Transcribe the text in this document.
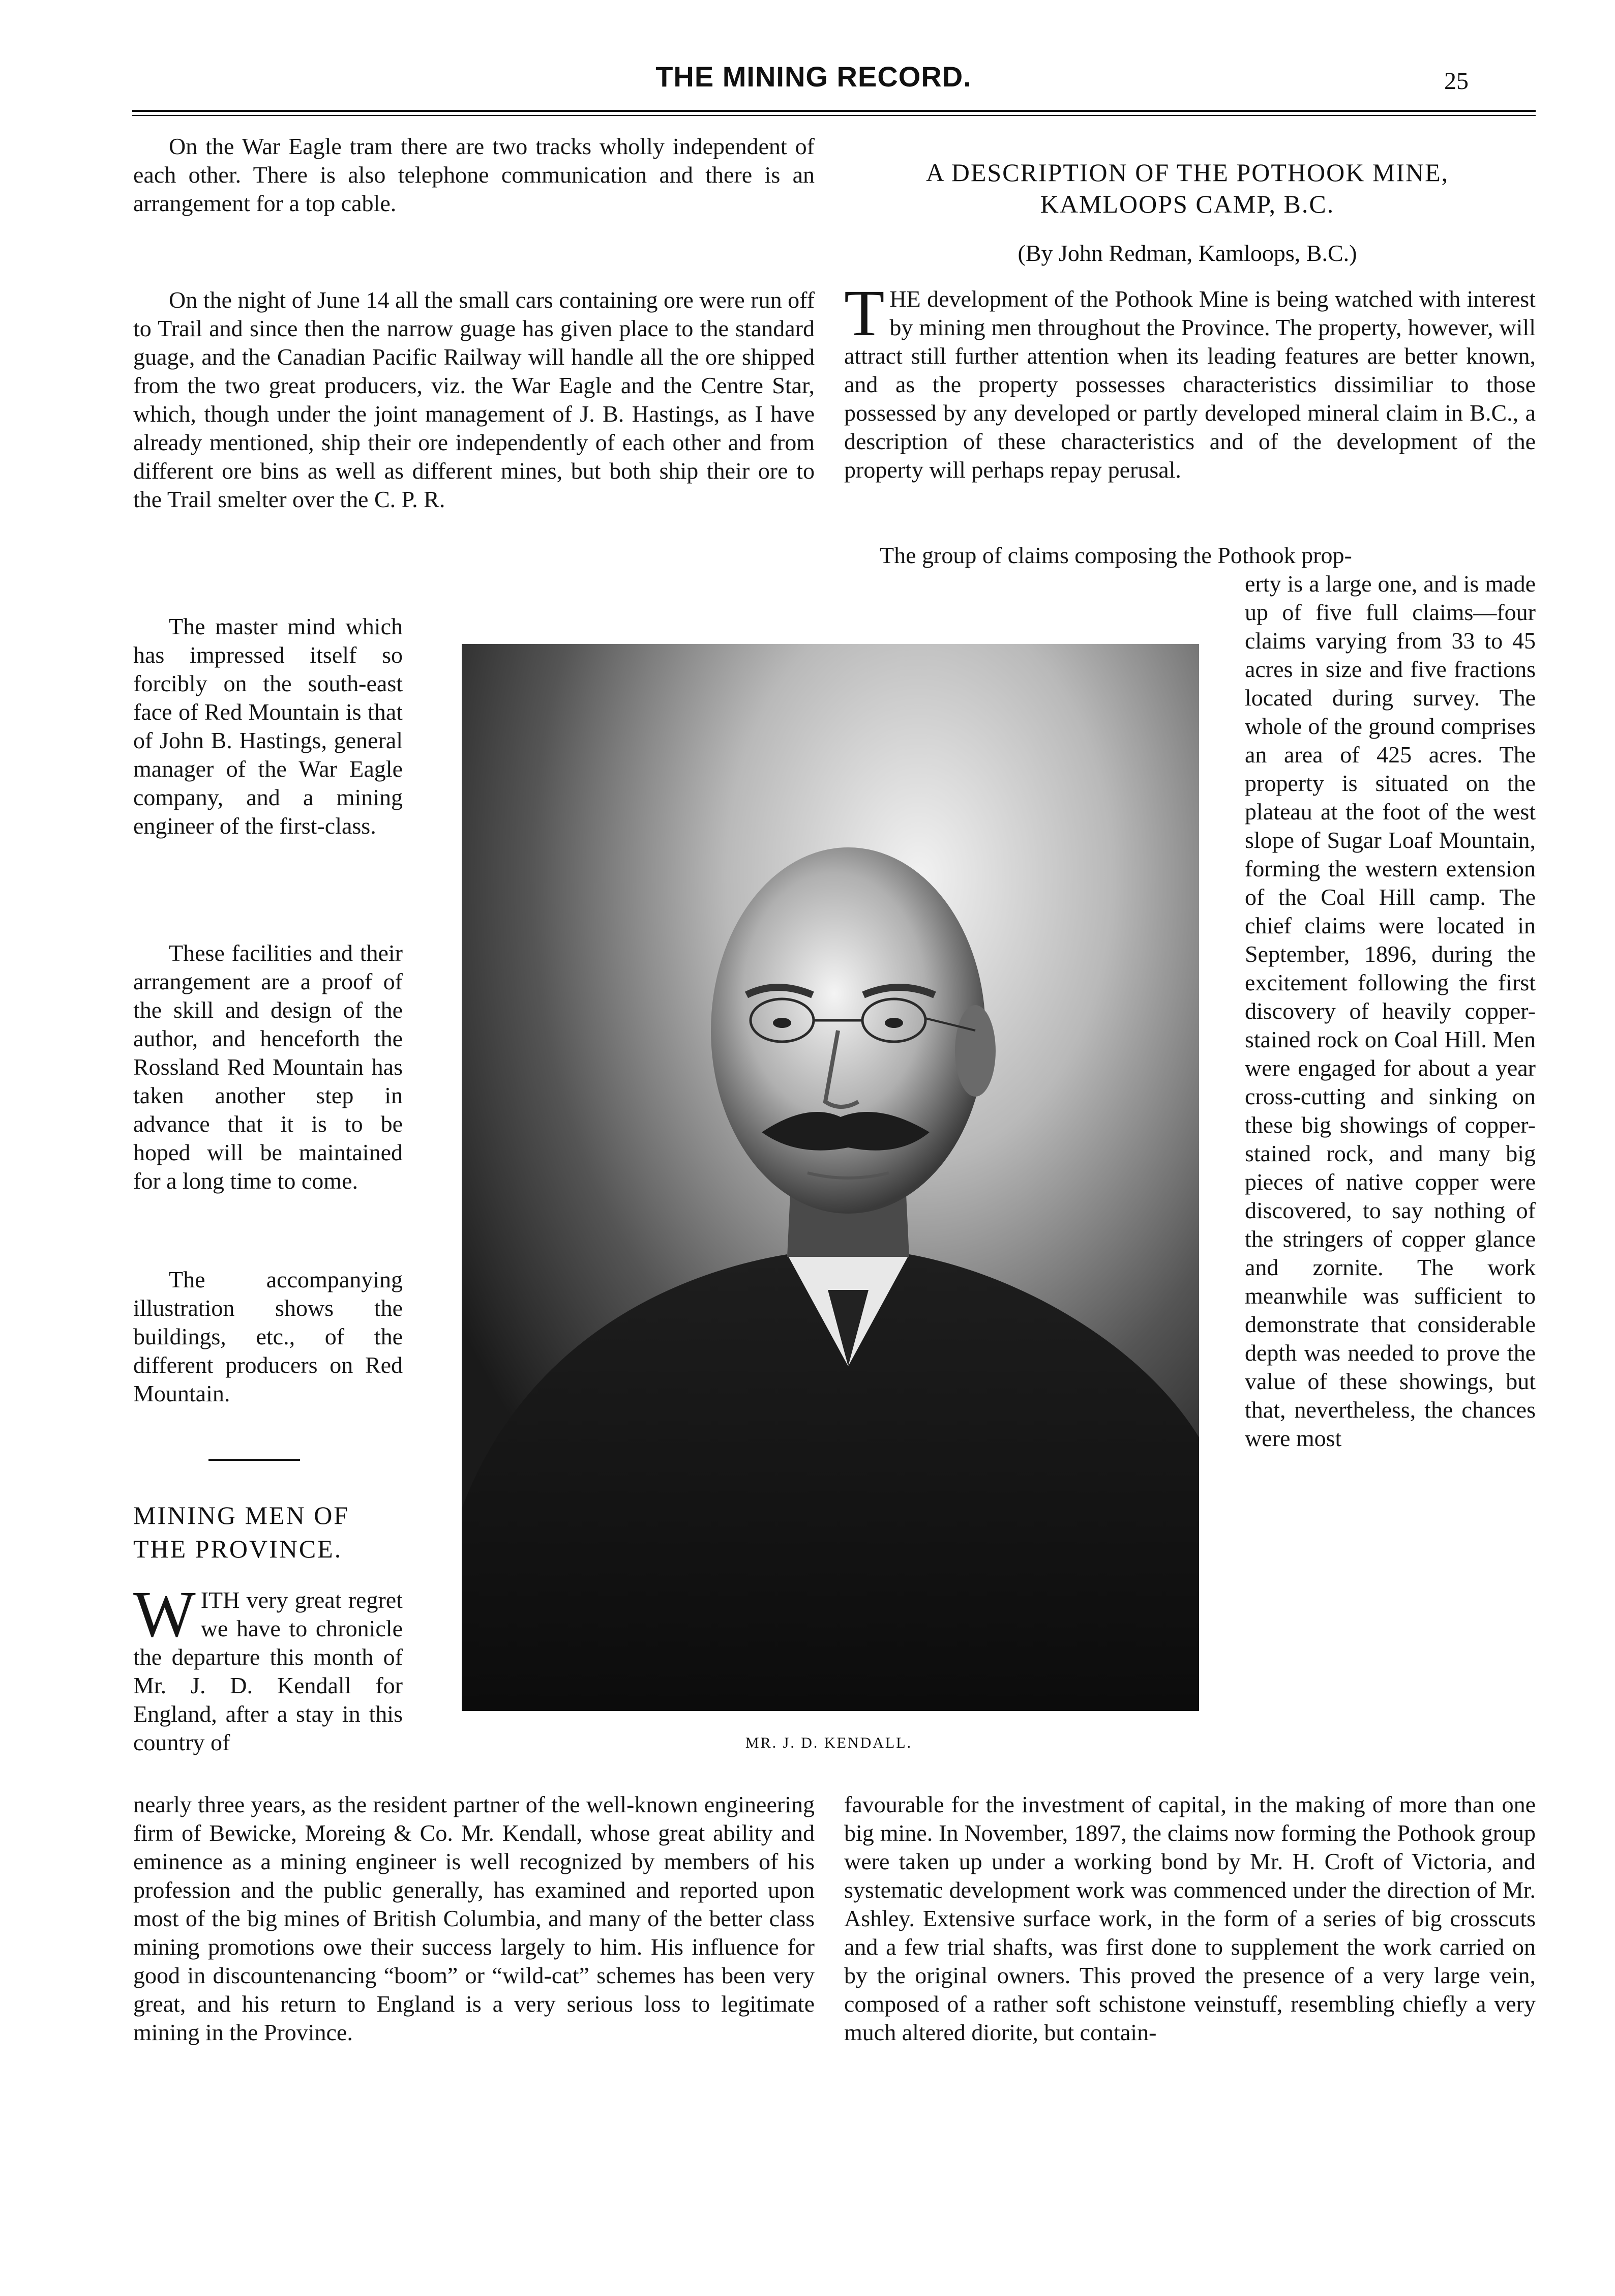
THE MINING RECORD.	25
On the War Eagle tram there are two tracks wholly independent of each other. There is also telephone communication and there is an arrangement for a top cable.
On the night of June 14 all the small cars containing ore were run off to Trail and since then the narrow guage has given place to the standard guage, and the Canadian Pacific Railway will handle all the ore shipped from the two great producers, viz. the War Eagle and the Centre Star, which, though under the joint management of J. B. Hastings, as I have already mentioned, ship their ore independently of each other and from different ore bins as well as different mines, but both ship their ore to the Trail smelter over the C. P. R.
The master mind which has impressed itself so forcibly on the south-east face of Red Mountain is that of John B. Hastings, general manager of the War Eagle company, and a mining engineer of the first-class.
These facilities and their arrangement are a proof of the skill and design of the author, and henceforth the Rossland Red Mountain has taken another step in advance that it is to be hoped will be maintained for a long time to come.
The accompanying illustration shows the buildings, etc., of the different producers on Red Mountain.
MINING MEN OF THE PROVINCE.
WITH very great regret we have to chronicle the departure this month of Mr. J. D. Kendall for England, after a stay in this country of
nearly three years, as the resident partner of the well-known engineering firm of Bewicke, Moreing & Co. Mr. Kendall, whose great ability and eminence as a mining engineer is well recognized by members of his profession and the public generally, has examined and reported upon most of the big mines of British Columbia, and many of the better class mining promotions owe their success largely to him. His influence for good in discountenancing “boom” or “wild-cat” schemes has been very great, and his return to England is a very serious loss to legitimate mining in the Province.
MR. J. D. KENDALL.
A DESCRIPTION OF THE POTHOOK MINE,
KAMLOOPS CAMP, B.C.
(By John Redman, Kamloops, B.C.)
THE development of the Pothook Mine is being watched with interest by mining men throughout the Province. The property, however, will attract still further attention when its leading features are better known, and as the property possesses characteristics dissimiliar to those possessed by any developed or partly developed mineral claim in B.C., a description of these characteristics and of the development of the property will perhaps repay perusal.
The group of claims composing the Pothook prop-
erty is a large one, and is made up of five full claims—four claims varying from 33 to 45 acres in size and five fractions located during survey. The whole of the ground comprises an area of 425 acres. The property is situated on the plateau at the foot of the west slope of Sugar Loaf Mountain, forming the western extension of the Coal Hill camp. The chief claims were located in September, 1896, during the excitement following the first discovery of heavily copper-stained rock on Coal Hill. Men were engaged for about a year cross-cutting and sinking on these big showings of copper-stained rock, and many big pieces of native copper were discovered, to say nothing of the stringers of copper glance and zornite. The work meanwhile was sufficient to demonstrate that considerable depth was needed to prove the value of these showings, but that, nevertheless, the chances were most
favourable for the investment of capital, in the making of more than one big mine. In November, 1897, the claims now forming the Pothook group were taken up under a working bond by Mr. H. Croft of Victoria, and systematic development work was commenced under the direction of Mr. Ashley. Extensive surface work, in the form of a series of big crosscuts and a few trial shafts, was first done to supplement the work carried on by the original owners. This proved the presence of a very large vein, composed of a rather soft schistone veinstuff, resembling chiefly a very much altered diorite, but contain-
